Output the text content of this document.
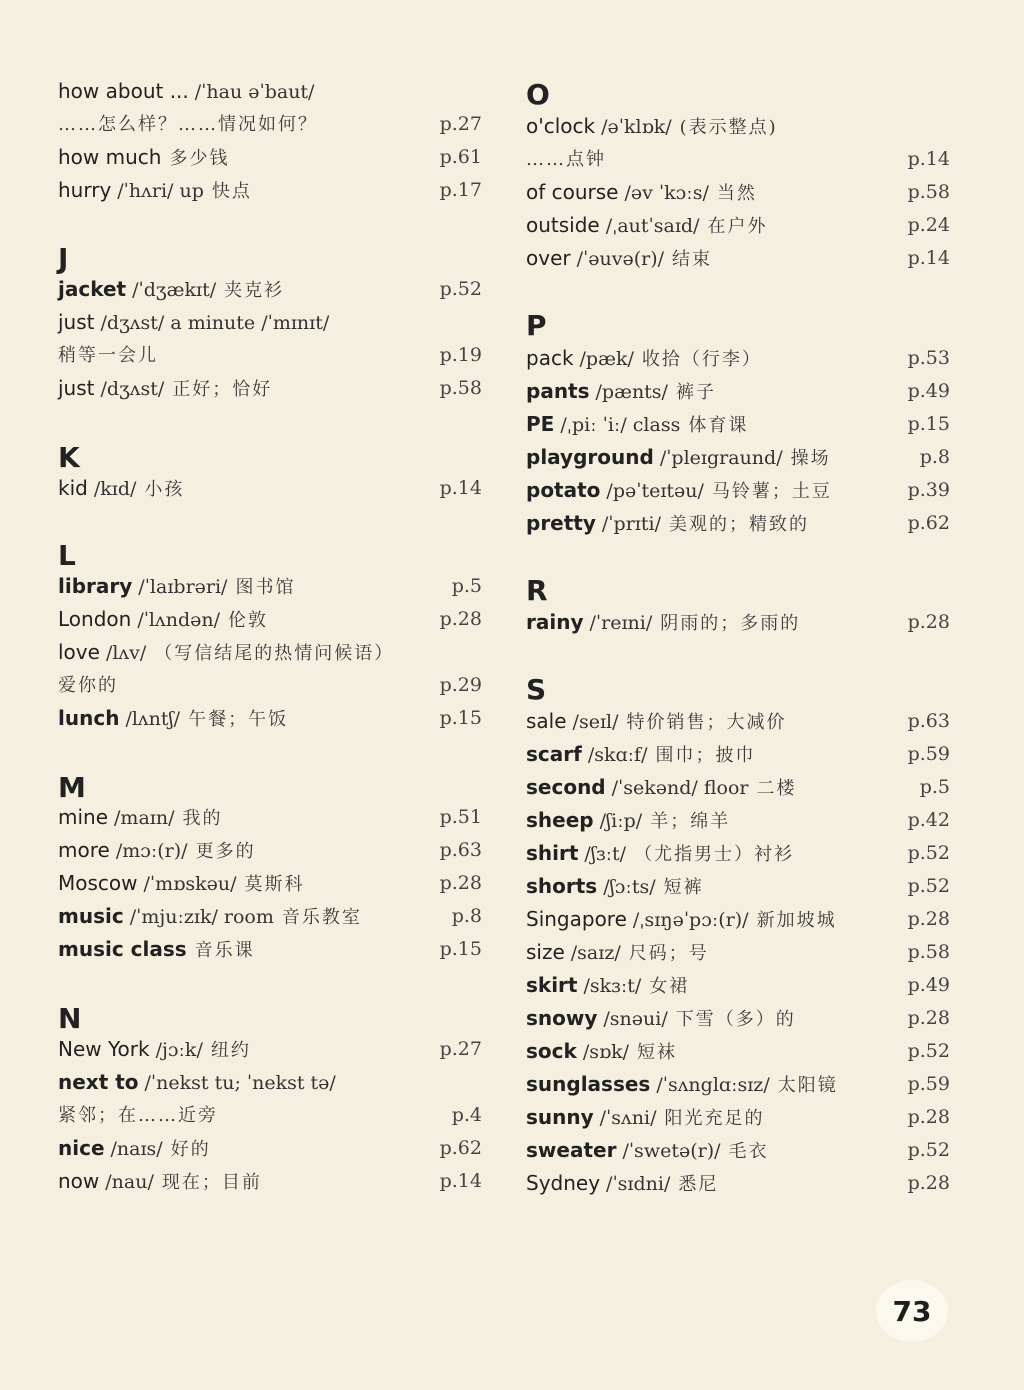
how about ... /ˈhau əˈbaut/
……怎么样？……情况如何？	p.27
how much 多少钱	p.61
hurry /ˈhʌri/ up 快点	p.17
J
jacket /ˈdʒækɪt/ 夹克衫	p.52
just /dʒʌst/ a minute /ˈmɪnɪt/
稍等一会儿	p.19
just /dʒʌst/ 正好；恰好	p.58
K
kid /kɪd/ 小孩	p.14
L
library /ˈlaɪbrəri/ 图书馆	p.5
London /ˈlʌndən/ 伦敦	p.28
love /lʌv/ （写信结尾的热情问候语）
爱你的	p.29
lunch /lʌntʃ/ 午餐；午饭	p.15
M
mine /maɪn/ 我的	p.51
more /mɔː(r)/ 更多的	p.63
Moscow /ˈmɒskəu/ 莫斯科	p.28
music /ˈmjuːzɪk/ room 音乐教室	p.8
music class 音乐课	p.15
N
New York /jɔːk/ 纽约	p.27
next to /ˈnekst tu; ˈnekst tə/
紧邻；在……近旁	p.4
nice /naɪs/ 好的	p.62
now /nau/ 现在；目前	p.14
O
o'clock /əˈklɒk/ (表示整点)
……点钟	p.14
of course /əv ˈkɔːs/ 当然	p.58
outside /ˌautˈsaɪd/ 在户外	p.24
over /ˈəuvə(r)/ 结束	p.14
P
pack /pæk/ 收拾（行李）	p.53
pants /pænts/ 裤子	p.49
PE /ˌpiː ˈiː/ class 体育课	p.15
playground /ˈpleɪgraund/ 操场	p.8
potato /pəˈteɪtəu/ 马铃薯；土豆	p.39
pretty /ˈprɪti/ 美观的；精致的	p.62
R
rainy /ˈreɪni/ 阴雨的；多雨的	p.28
S
sale /seɪl/ 特价销售；大减价	p.63
scarf /skɑːf/ 围巾；披巾	p.59
second /ˈsekənd/ floor 二楼	p.5
sheep /ʃiːp/ 羊；绵羊	p.42
shirt /ʃɜːt/ （尤指男士）衬衫	p.52
shorts /ʃɔːts/ 短裤	p.52
Singapore /ˌsɪŋəˈpɔː(r)/ 新加坡城	p.28
size /saɪz/ 尺码；号	p.58
skirt /skɜːt/ 女裙	p.49
snowy /snəui/ 下雪（多）的	p.28
sock /sɒk/ 短袜	p.52
sunglasses /ˈsʌnglɑːsɪz/ 太阳镜	p.59
sunny /ˈsʌni/ 阳光充足的	p.28
sweater /ˈswetə(r)/ 毛衣	p.52
Sydney /ˈsɪdni/ 悉尼	p.28
73
